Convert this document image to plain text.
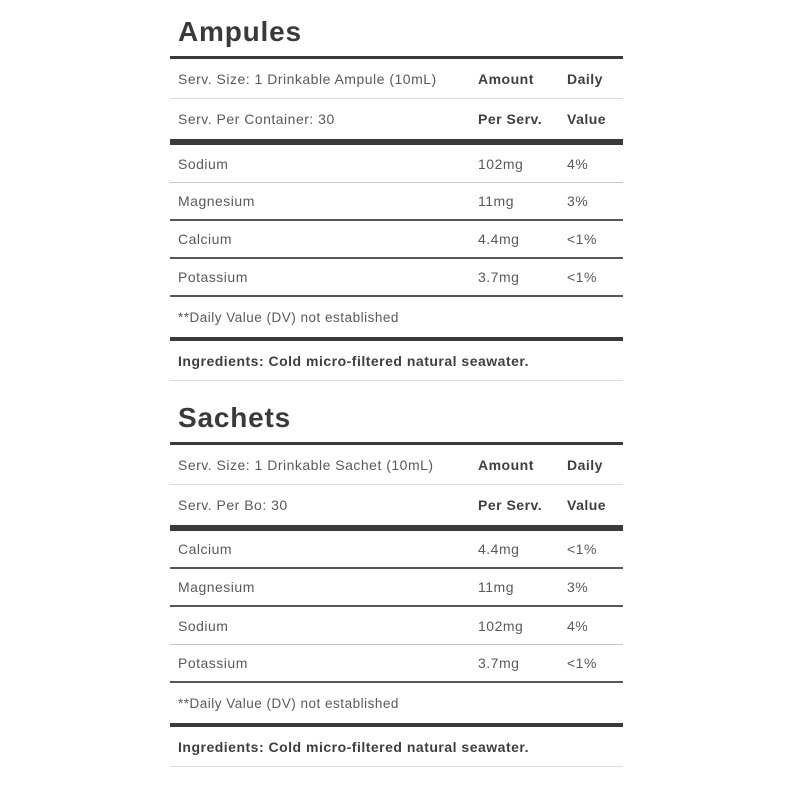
Ampules
Serv. Size: 1 Drinkable Ampule (10mL)	Amount	Daily
Serv. Per Container: 30	Per Serv.	Value
Sodium	102mg	4%
Magnesium	11mg	3%
Calcium	4.4mg	<1%
Potassium	3.7mg	<1%
**Daily Value (DV) not established
Ingredients: Cold micro-filtered natural seawater.
Sachets
Serv. Size: 1 Drinkable Sachet (10mL)	Amount	Daily
Serv. Per Bo: 30	Per Serv.	Value
Calcium	4.4mg	<1%
Magnesium	11mg	3%
Sodium	102mg	4%
Potassium	3.7mg	<1%
**Daily Value (DV) not established
Ingredients: Cold micro-filtered natural seawater.
